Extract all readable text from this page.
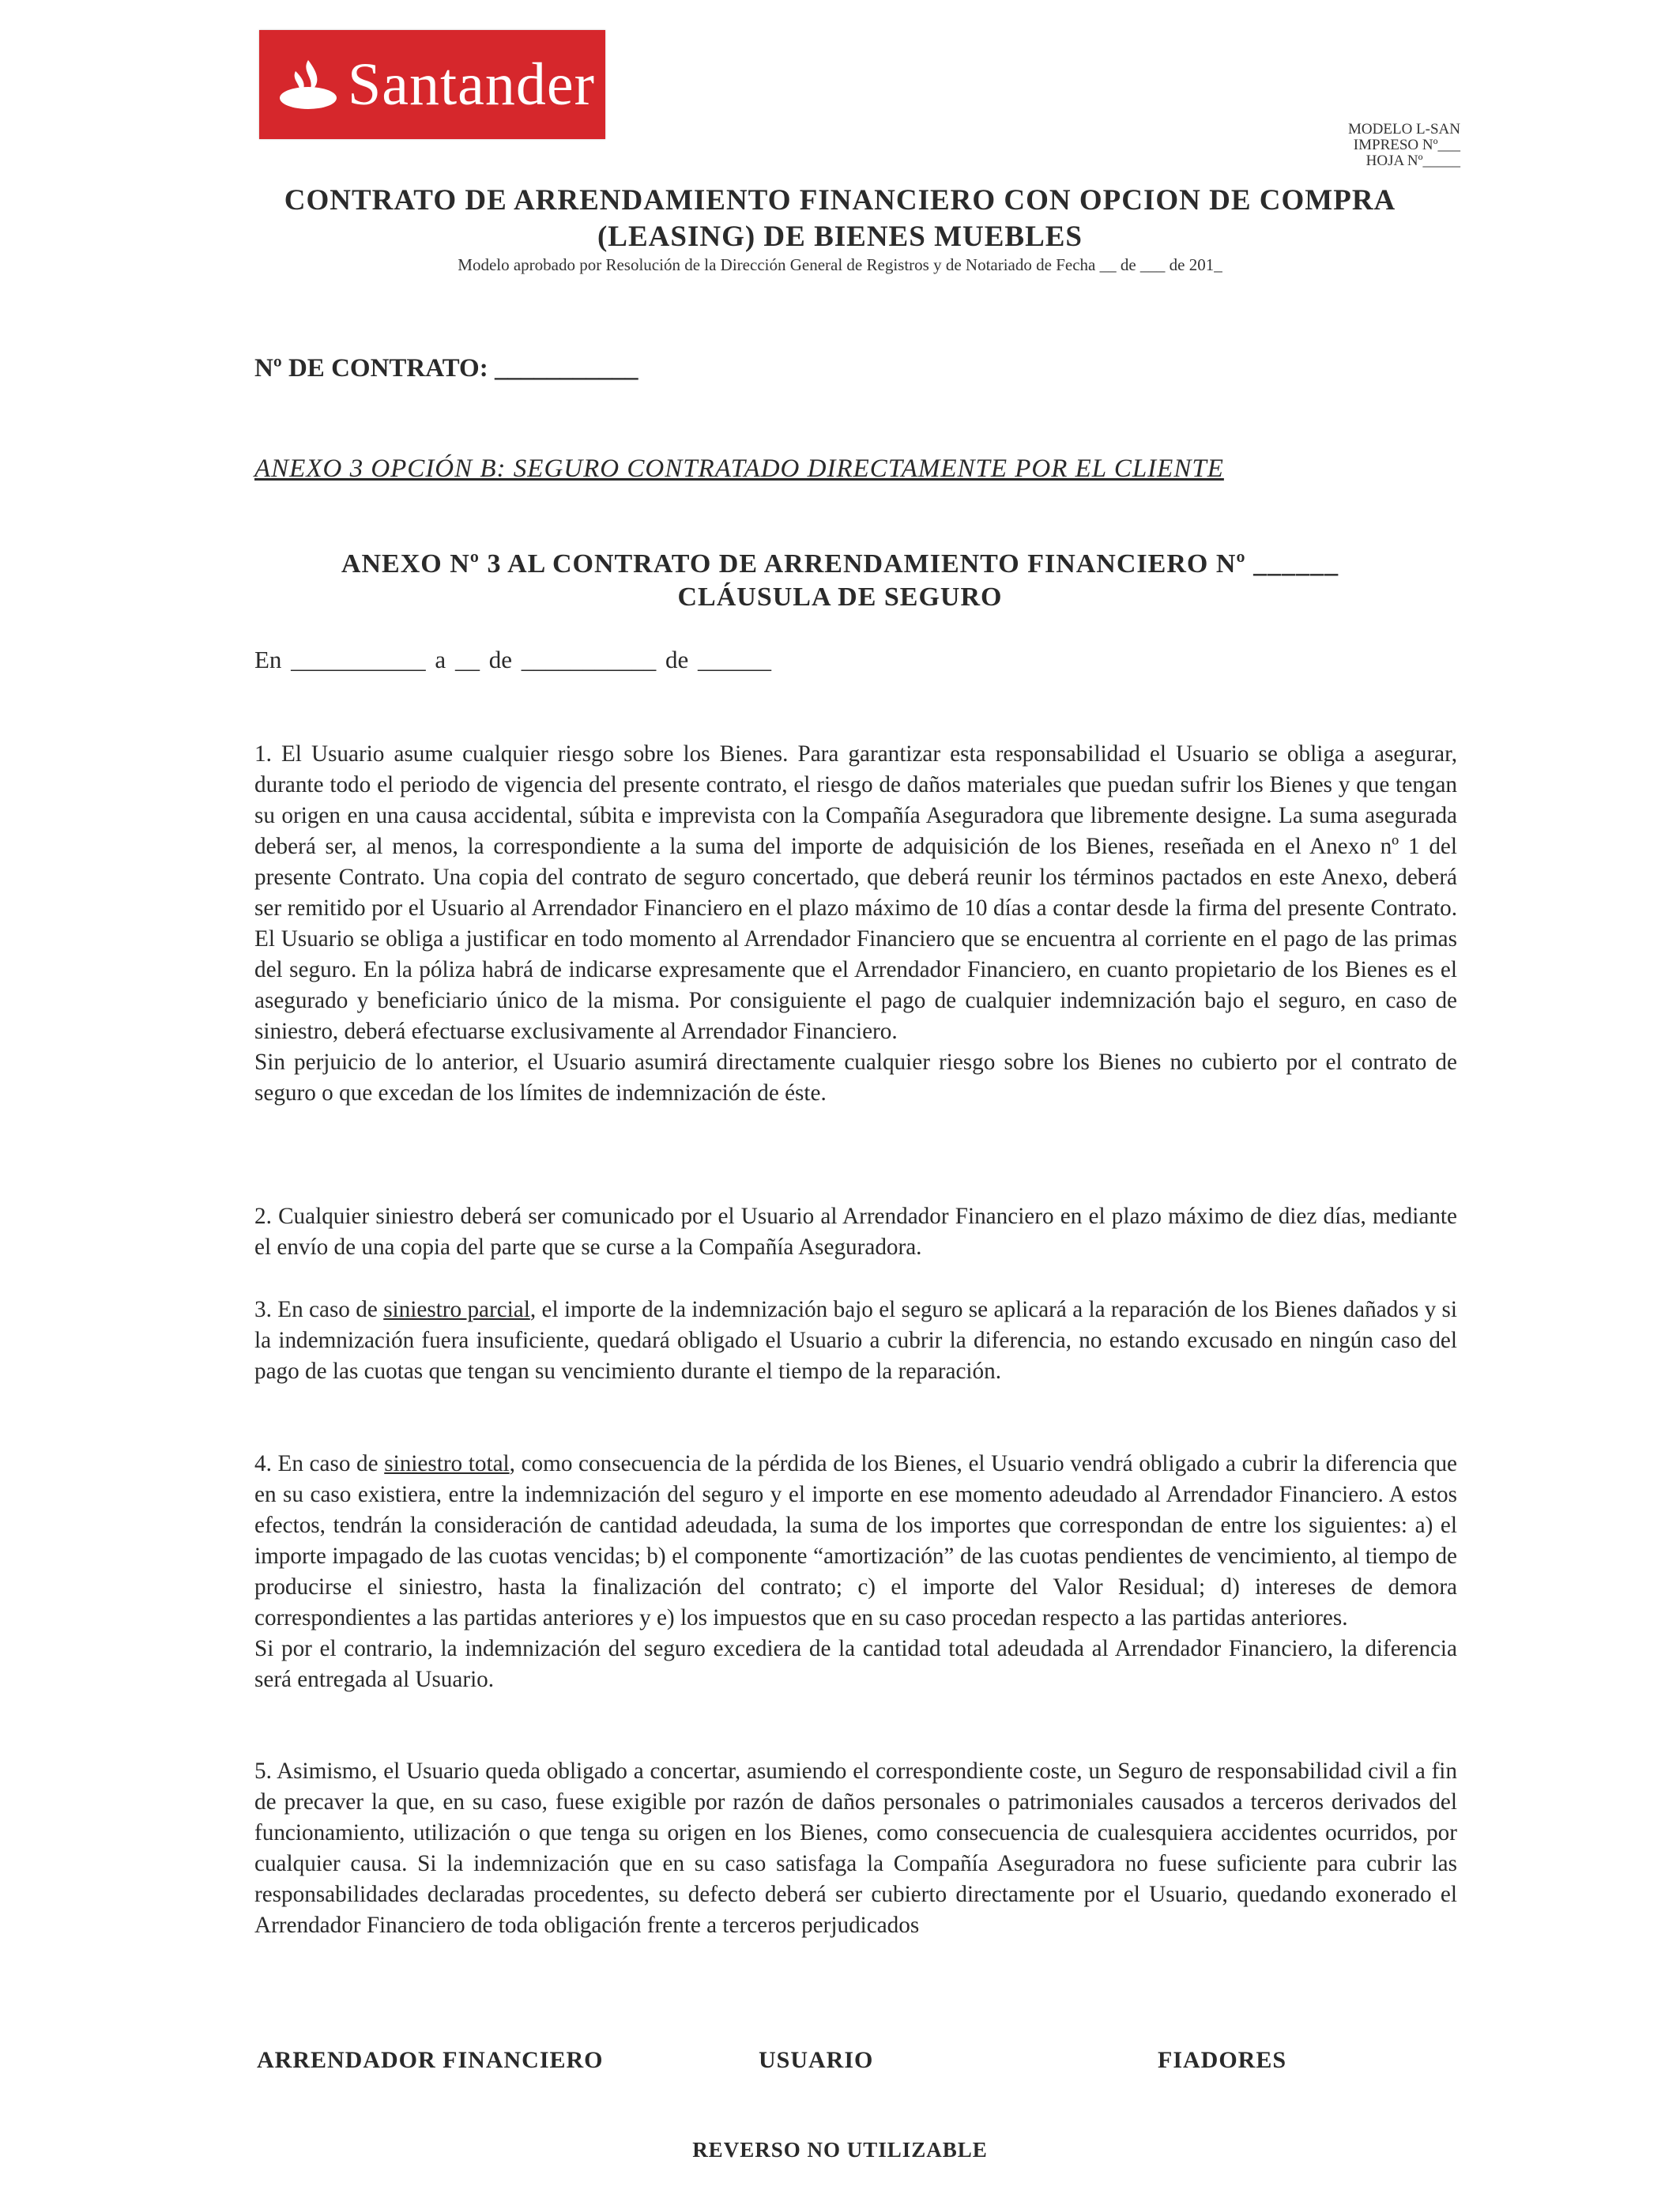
Santander
MODELO L-SAN
IMPRESO Nº___
HOJA Nº_____
CONTRATO DE ARRENDAMIENTO FINANCIERO CON OPCION DE COMPRA
(LEASING) DE BIENES MUEBLES
Modelo aprobado por Resolución de la Dirección General de Registros y de Notariado de Fecha __ de ___ de 201_
Nº DE CONTRATO: ___________
ANEXO 3 OPCIÓN B: SEGURO CONTRATADO DIRECTAMENTE POR EL CLIENTE
ANEXO Nº 3 AL CONTRATO DE ARRENDAMIENTO FINANCIERO Nº ______
CLÁUSULA DE SEGURO
En ___________ a __ de ___________ de ______

1. El Usuario asume cualquier riesgo sobre los Bienes. Para garantizar esta responsabilidad el Usuario se obliga a asegurar, durante todo el periodo de vigencia del presente contrato, el riesgo de daños materiales que puedan sufrir los Bienes y que tengan su origen en una causa accidental, súbita e imprevista con la Compañía Aseguradora que libremente designe. La suma asegurada deberá ser, al menos, la correspondiente a la suma del importe de adquisición de los Bienes, reseñada en el Anexo nº 1 del presente Contrato. Una copia del contrato de seguro concertado, que deberá reunir los términos pactados en este Anexo, deberá ser remitido por el Usuario al Arrendador Financiero en el plazo máximo de 10 días a contar desde la firma del presente Contrato. El Usuario se obliga a justificar en todo momento al Arrendador Financiero que se encuentra al corriente en el pago de las primas del seguro. En la póliza habrá de indicarse expresamente que el Arrendador Financiero, en cuanto propietario de los Bienes es el asegurado y beneficiario único de la misma. Por consiguiente el pago de cualquier indemnización bajo el seguro, en caso de siniestro, deberá efectuarse exclusivamente al Arrendador Financiero.

Sin perjuicio de lo anterior, el Usuario asumirá directamente cualquier riesgo sobre los Bienes no cubierto por el contrato de seguro o que excedan de los límites de indemnización de éste.

2. Cualquier siniestro deberá ser comunicado por el Usuario al Arrendador Financiero en el plazo máximo de diez días, mediante el envío de una copia del parte que se curse a la Compañía Aseguradora.

3. En caso de siniestro parcial, el importe de la indemnización bajo el seguro se aplicará a la reparación de los Bienes dañados y si la indemnización fuera insuficiente, quedará obligado el Usuario a cubrir la diferencia, no estando excusado en ningún caso del pago de las cuotas que tengan su vencimiento durante el tiempo de la reparación.

4. En caso de siniestro total, como consecuencia de la pérdida de los Bienes, el Usuario vendrá obligado a cubrir la diferencia que en su caso existiera, entre la indemnización del seguro y el importe en ese momento adeudado al Arrendador Financiero. A estos efectos, tendrán la consideración de cantidad adeudada, la suma de los importes que correspondan de entre los siguientes: a) el importe impagado de las cuotas vencidas; b) el componente “amortización” de las cuotas pendientes de vencimiento, al tiempo de producirse el siniestro, hasta la finalización del contrato; c) el importe del Valor Residual; d) intereses de demora correspondientes a las partidas anteriores y e) los impuestos que en su caso procedan respecto a las partidas anteriores.

Si por el contrario, la indemnización del seguro excediera de la cantidad total adeudada al Arrendador Financiero, la diferencia será entregada al Usuario.

5. Asimismo, el Usuario queda obligado a concertar, asumiendo el correspondiente coste, un Seguro de responsabilidad civil a fin de precaver la que, en su caso, fuese exigible por razón de daños personales o patrimoniales causados a terceros derivados del funcionamiento, utilización o que tenga su origen en los Bienes, como consecuencia de cualesquiera accidentes ocurridos, por cualquier causa. Si la indemnización que en su caso satisfaga la Compañía Aseguradora no fuese suficiente para cubrir las responsabilidades declaradas procedentes, su defecto deberá ser cubierto directamente por el Usuario, quedando exonerado el Arrendador Financiero de toda obligación frente a terceros perjudicados

ARRENDADOR FINANCIERO	USUARIO	FIADORES
REVERSO NO UTILIZABLE
